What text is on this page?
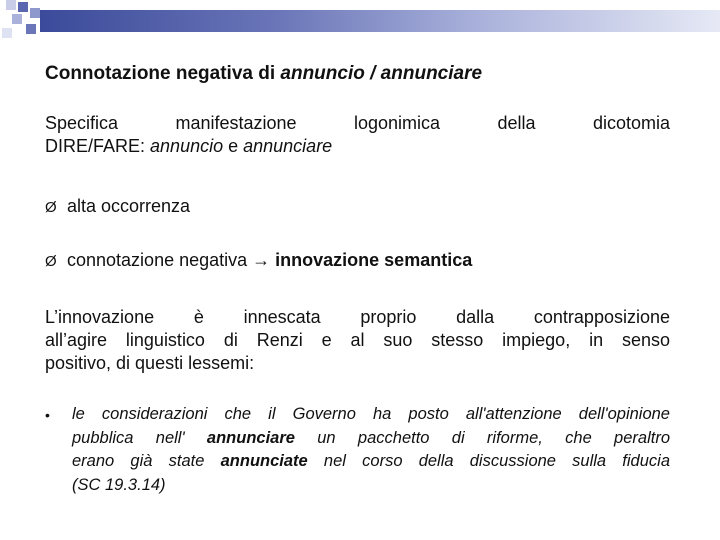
Connotazione negativa di annuncio / annunciare
Specifica manifestazione logonimica della dicotomia
DIRE/FARE: annuncio e annunciare
Ø alta occorrenza
Ø connotazione negativa → innovazione semantica
L’innovazione è innescata proprio dalla contrapposizione
all’agire linguistico di Renzi e al suo stesso impiego, in senso
positivo, di questi lessemi:
• le considerazioni che il Governo ha posto all'attenzione dell'opinione
pubblica nell' annunciare un pacchetto di riforme, che peraltro
erano già state annunciate nel corso della discussione sulla fiducia
(SC 19.3.14)
